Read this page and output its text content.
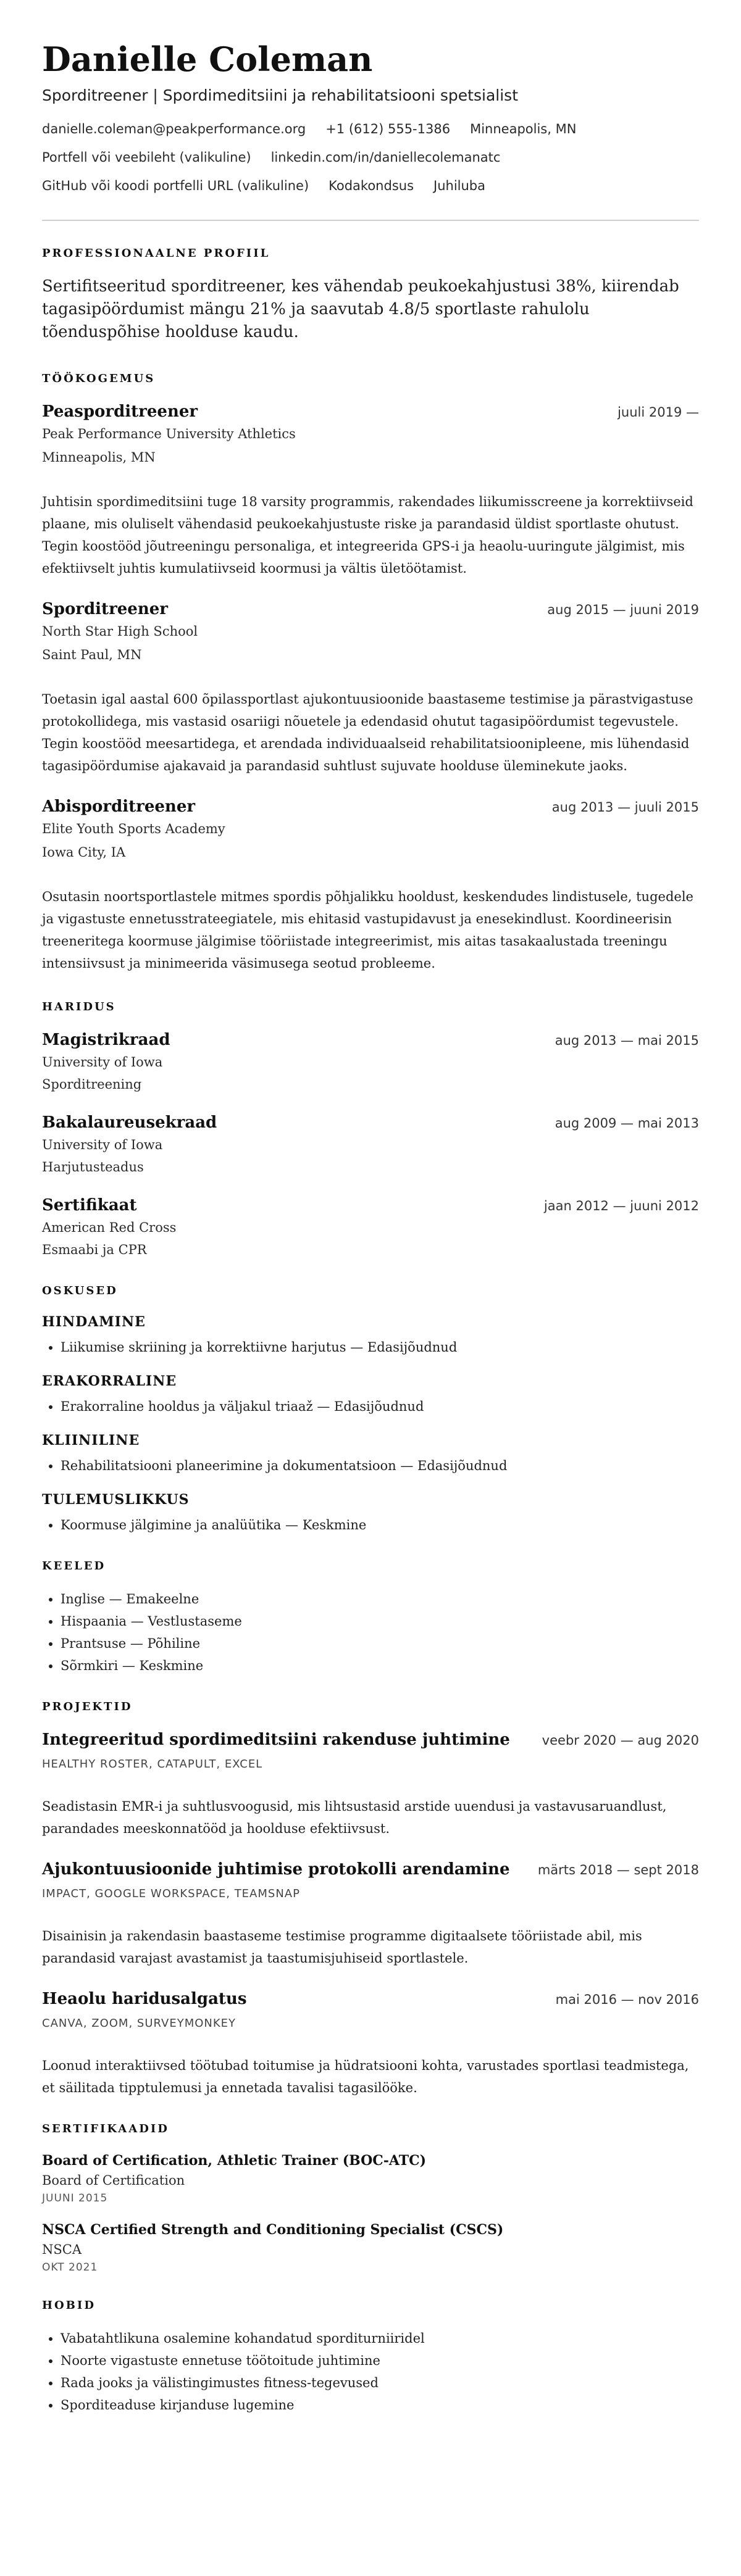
Danielle Coleman
Sporditreener | Spordimeditsiini ja rehabilitatsiooni spetsialist
danielle.coleman@peakperformance.org +1 (612) 555-1386 Minneapolis, MN
Portfell või veebileht (valikuline) linkedin.com/in/daniellecolemanatc
GitHub või koodi portfelli URL (valikuline) Kodakondsus Juhiluba
PROFESSIONAALNE PROFIIL

Sertifitseeritud sporditreener, kes vähendab peukoekahjustusi 38%, kiirendab tagasipöördumist mängu 21% ja saavutab 4.8/5 sportlaste rahulolu tõenduspõhise hoolduse kaudu.

TÖÖKOGEMUS
Peasporditreener	juuli 2019 —
Peak Performance University Athletics
Minneapolis, MN

Juhtisin spordimeditsiini tuge 18 varsity programmis, rakendades liikumisscreene ja korrektiivseid plaane, mis oluliselt vähendasid peukoekahjustuste riske ja parandasid üldist sportlaste ohutust. Tegin koostööd jõutreeningu personaliga, et integreerida GPS-i ja heaolu-uuringute jälgimist, mis efektiivselt juhtis kumulatiivseid koormusi ja vältis ületöötamist.

Sporditreener	aug 2015 — juuni 2019
North Star High School
Saint Paul, MN

Toetasin igal aastal 600 õpilassportlast ajukontuusioonide baastaseme testimise ja pärastvigastuse protokollidega, mis vastasid osariigi nõuetele ja edendasid ohutut tagasipöördumist tegevustele. Tegin koostööd meesartidega, et arendada individuaalseid rehabilitatsioonipleene, mis lühendasid tagasipöördumise ajakavaid ja parandasid suhtlust sujuvate hoolduse üleminekute jaoks.

Abisporditreener	aug 2013 — juuli 2015
Elite Youth Sports Academy
Iowa City, IA

Osutasin noortsportlastele mitmes spordis põhjalikku hooldust, keskendudes lindistusele, tugedele ja vigastuste ennetusstrateegiatele, mis ehitasid vastupidavust ja enesekindlust. Koordineerisin treeneritega koormuse jälgimise tööriistade integreerimist, mis aitas tasakaalustada treeningu intensiivsust ja minimeerida väsimusega seotud probleeme.

HARIDUS
Magistrikraad	aug 2013 — mai 2015
University of Iowa
Sporditreening
Bakalaureusekraad	aug 2009 — mai 2013
University of Iowa
Harjutusteadus
Sertifikaat	jaan 2012 — juuni 2012
American Red Cross
Esmaabi ja CPR
OSKUSED
HINDAMINE
• Liikumise skriining ja korrektiivne harjutus — Edasijõudnud
ERAKORRALINE
• Erakorraline hooldus ja väljakul triaaž — Edasijõudnud
KLIINILINE
• Rehabilitatsiooni planeerimine ja dokumentatsioon — Edasijõudnud
TULEMUSLIKKUS
• Koormuse jälgimine ja analüütika — Keskmine
KEELED
• Inglise — Emakeelne
• Hispaania — Vestlustaseme
• Prantsuse — Põhiline
• Sõrmkiri — Keskmine
PROJEKTID
Integreeritud spordimeditsiini rakenduse juhtimine veebr 2020 — aug 2020
HEALTHY ROSTER, CATAPULT, EXCEL

Seadistasin EMR-i ja suhtlusvoogusid, mis lihtsustasid arstide uuendusi ja vastavusaruandlust, parandades meeskonnatööd ja hoolduse efektiivsust.

Ajukontuusioonide juhtimise protokolli arendamine märts 2018 — sept 2018
IMPACT, GOOGLE WORKSPACE, TEAMSNAP

Disainisin ja rakendasin baastaseme testimise programme digitaalsete tööriistade abil, mis parandasid varajast avastamist ja taastumisjuhiseid sportlastele.

Heaolu haridusalgatus	mai 2016 — nov 2016
CANVA, ZOOM, SURVEYMONKEY

Loonud interaktiivsed töötubad toitumise ja hüdratsiooni kohta, varustades sportlasi teadmistega, et säilitada tipptulemusi ja ennetada tavalisi tagasilööke.

SERTIFIKAADID
Board of Certification, Athletic Trainer (BOC-ATC)
Board of Certification
JUUNI 2015
NSCA Certified Strength and Conditioning Specialist (CSCS)
NSCA
OKT 2021
HOBID
• Vabatahtlikuna osalemine kohandatud sporditurniiridel
• Noorte vigastuste ennetuse töötoitude juhtimine
• Rada jooks ja välistingimustes fitness-tegevused
• Sporditeaduse kirjanduse lugemine
